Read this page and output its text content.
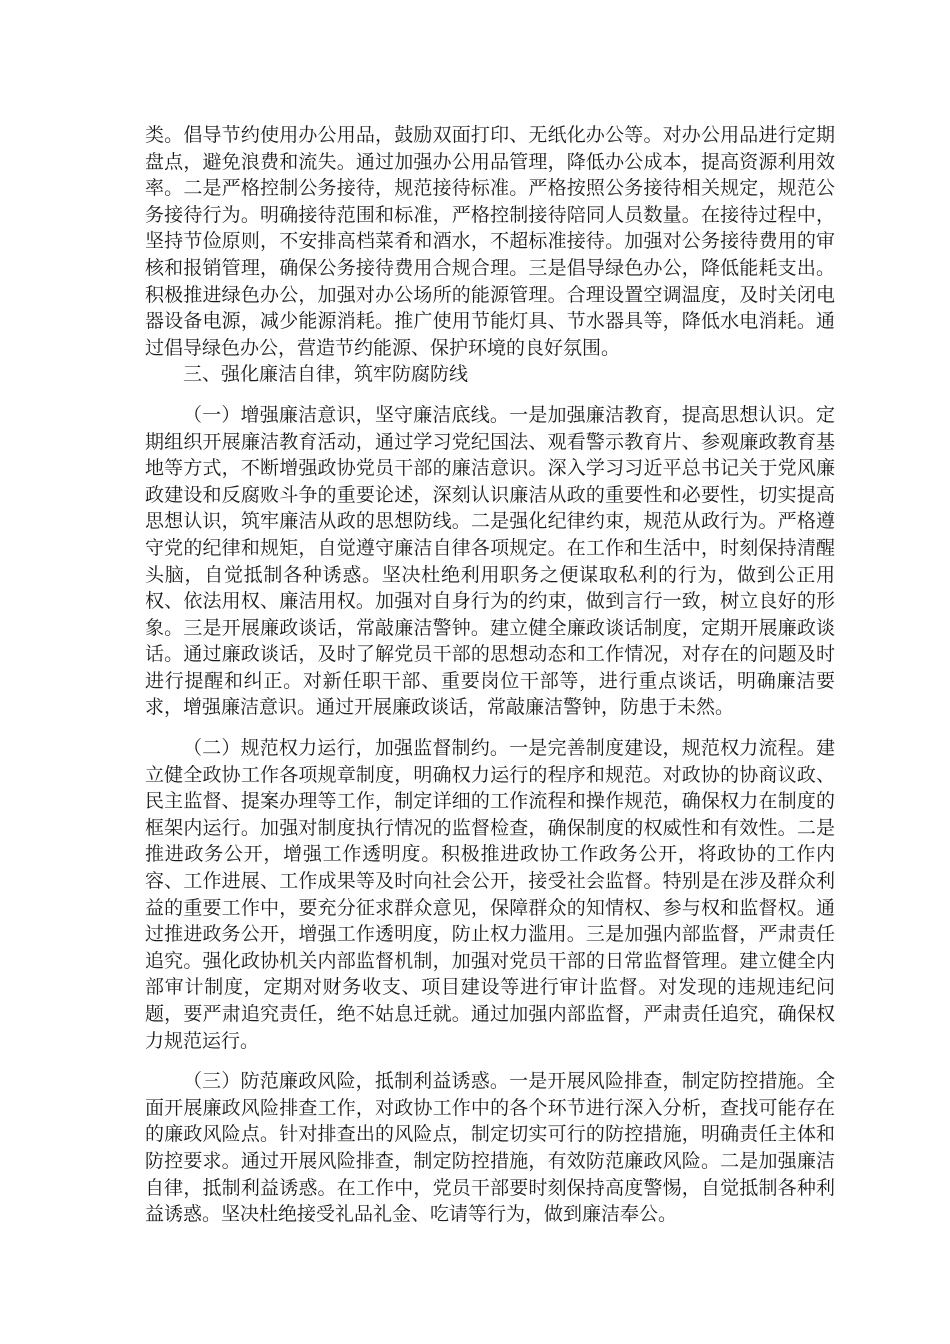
类。倡导节约使用办公用品，鼓励双面打印、无纸化办公等。对办公用品进行定期盘点，避免浪费和流失。通过加强办公用品管理，降低办公成本，提高资源利用效率。二是严格控制公务接待，规范接待标准。严格按照公务接待相关规定，规范公务接待行为。明确接待范围和标准，严格控制接待陪同人员数量。在接待过程中，坚持节俭原则，不安排高档菜肴和酒水，不超标准接待。加强对公务接待费用的审核和报销管理，确保公务接待费用合规合理。三是倡导绿色办公，降低能耗支出。积极推进绿色办公，加强对办公场所的能源管理。合理设置空调温度，及时关闭电器设备电源，减少能源消耗。推广使用节能灯具、节水器具等，降低水电消耗。通过倡导绿色办公，营造节约能源、保护环境的良好氛围。

三、强化廉洁自律，筑牢防腐防线

（一）增强廉洁意识，坚守廉洁底线。一是加强廉洁教育，提高思想认识。定期组织开展廉洁教育活动，通过学习党纪国法、观看警示教育片、参观廉政教育基地等方式，不断增强政协党员干部的廉洁意识。深入学习习近平总书记关于党风廉政建设和反腐败斗争的重要论述，深刻认识廉洁从政的重要性和必要性，切实提高思想认识，筑牢廉洁从政的思想防线。二是强化纪律约束，规范从政行为。严格遵守党的纪律和规矩，自觉遵守廉洁自律各项规定。在工作和生活中，时刻保持清醒头脑，自觉抵制各种诱惑。坚决杜绝利用职务之便谋取私利的行为，做到公正用权、依法用权、廉洁用权。加强对自身行为的约束，做到言行一致，树立良好的形象。三是开展廉政谈话，常敲廉洁警钟。建立健全廉政谈话制度，定期开展廉政谈话。通过廉政谈话，及时了解党员干部的思想动态和工作情况，对存在的问题及时进行提醒和纠正。对新任职干部、重要岗位干部等，进行重点谈话，明确廉洁要求，增强廉洁意识。通过开展廉政谈话，常敲廉洁警钟，防患于未然。

（二）规范权力运行，加强监督制约。一是完善制度建设，规范权力流程。建立健全政协工作各项规章制度，明确权力运行的程序和规范。对政协的协商议政、民主监督、提案办理等工作，制定详细的工作流程和操作规范，确保权力在制度的框架内运行。加强对制度执行情况的监督检查，确保制度的权威性和有效性。二是推进政务公开，增强工作透明度。积极推进政协工作政务公开，将政协的工作内容、工作进展、工作成果等及时向社会公开，接受社会监督。特别是在涉及群众利益的重要工作中，要充分征求群众意见，保障群众的知情权、参与权和监督权。通过推进政务公开，增强工作透明度，防止权力滥用。三是加强内部监督，严肃责任追究。强化政协机关内部监督机制，加强对党员干部的日常监督管理。建立健全内部审计制度，定期对财务收支、项目建设等进行审计监督。对发现的违规违纪问题，要严肃追究责任，绝不姑息迁就。通过加强内部监督，严肃责任追究，确保权力规范运行。

（三）防范廉政风险，抵制利益诱惑。一是开展风险排查，制定防控措施。全面开展廉政风险排查工作，对政协工作中的各个环节进行深入分析，查找可能存在的廉政风险点。针对排查出的风险点，制定切实可行的防控措施，明确责任主体和防控要求。通过开展风险排查，制定防控措施，有效防范廉政风险。二是加强廉洁自律，抵制利益诱惑。在工作中，党员干部要时刻保持高度警惕，自觉抵制各种利益诱惑。坚决杜绝接受礼品礼金、吃请等行为，做到廉洁奉公。
